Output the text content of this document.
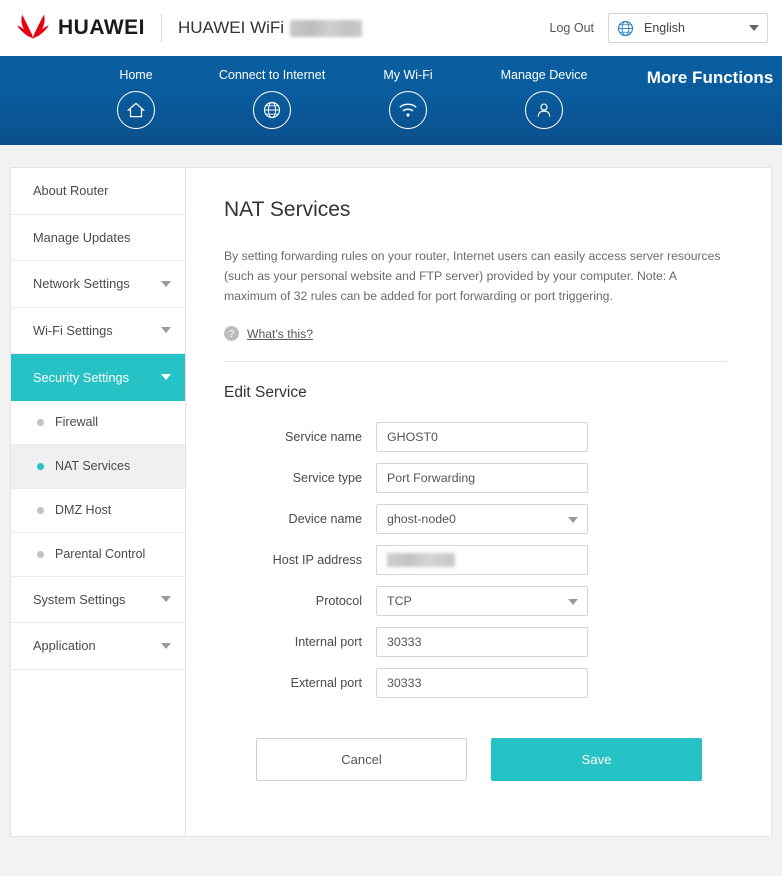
HUAWEI HUAWEI WiFi	Log Out	English
Home	Connect to Internet	My Wi-Fi	Manage Device	More Functions
About Router
Manage Updates
Network Settings
Wi-Fi Settings
Security Settings
Firewall
NAT Services
DMZ Host
Parental Control
System Settings
Application
NAT Services
By setting forwarding rules on your router, Internet users can easily access server resources (such as your personal website and FTP server) provided by your computer. Note: A maximum of 32 rules can be added for port forwarding or port triggering.
?	What's this?
Edit Service
Service name	GHOST0
Service type	Port Forwarding
Device name	ghost-node0
Host IP address
Protocol	TCP
Internal port	30333
External port	30333
Cancel	Save
